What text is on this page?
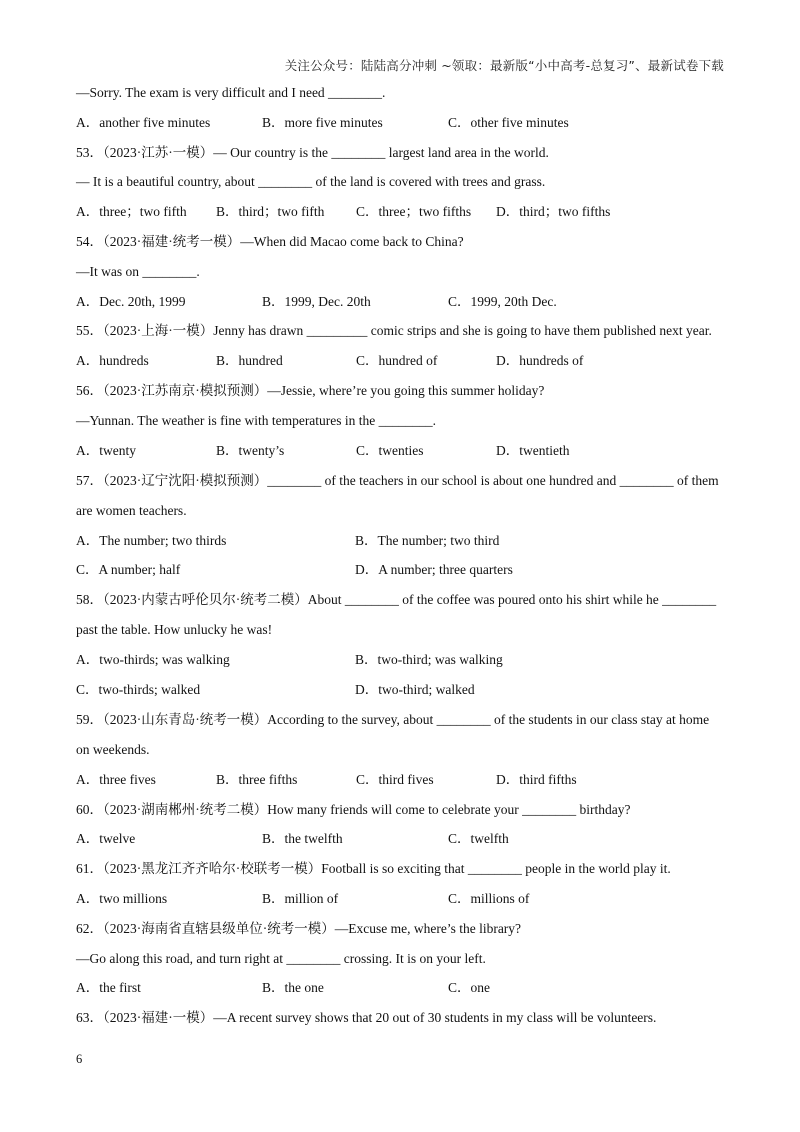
关注公众号：陆陆高分冲刺 ~领取：最新版“小中高考-总复习”、最新试卷下载
—Sorry. The exam is very difficult and I need ________.
A．another five minutes	B．more five minutes	C．other five minutes
53．（2023·江苏·一模）— Our country is the ________ largest land area in the world.
— It is a beautiful country, about ________ of the land is covered with trees and grass.
A．three；two fifth	B．third；two fifth	C．three；two fifths	D．third；two fifths
54．（2023·福建·统考一模）—When did Macao come back to China?
—It was on ________.
A．Dec. 20th, 1999	B．1999, Dec. 20th	C．1999, 20th Dec.
55．（2023·上海·一模）Jenny has drawn _________ comic strips and she is going to have them published next year.
A．hundreds	B．hundred	C．hundred of	D．hundreds of
56．（2023·江苏南京·模拟预测）—Jessie, where’re you going this summer holiday?
—Yunnan. The weather is fine with temperatures in the ________.
A．twenty	B．twenty’s	C．twenties	D．twentieth
57．（2023·辽宁沈阳·模拟预测）________ of the teachers in our school is about one hundred and ________ of them are women teachers.
A．The number; two thirds	B．The number; two third
C．A number; half	D．A number; three quarters
58．（2023·内蒙古呼伦贝尔·统考二模）About ________ of the coffee was poured onto his shirt while he ________ past the table. How unlucky he was!
A．two-thirds; was walking	B．two-third; was walking
C．two-thirds; walked	D．two-third; walked
59．（2023·山东青岛·统考一模）According to the survey, about ________ of the students in our class stay at home on weekends.
A．three fives	B．three fifths	C．third fives	D．third fifths
60．（2023·湖南郴州·统考二模）How many friends will come to celebrate your ________ birthday?
A．twelve	B．the twelfth	C．twelfth
61．（2023·黑龙江齐齐哈尔·校联考一模）Football is so exciting that ________ people in the world play it.
A．two millions	B．million of	C．millions of
62．（2023·海南省直辖县级单位·统考一模）—Excuse me, where’s the library?
—Go along this road, and turn right at ________ crossing. It is on your left.
A．the first	B．the one	C．one
63．（2023·福建·一模）—A recent survey shows that 20 out of 30 students in my class will be volunteers.
6
